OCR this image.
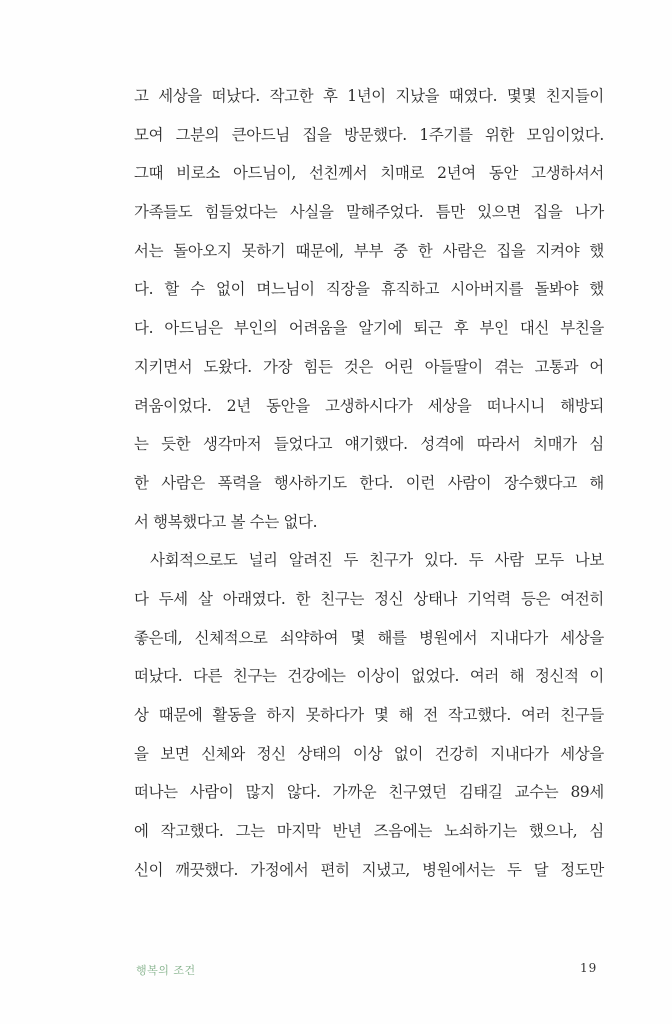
고 세상을 떠났다. 작고한 후 1년이 지났을 때였다. 몇몇 친지들이
모여 그분의 큰아드님 집을 방문했다. 1주기를 위한 모임이었다.
그때 비로소 아드님이, 선친께서 치매로 2년여 동안 고생하셔서
가족들도 힘들었다는 사실을 말해주었다. 틈만 있으면 집을 나가
서는 돌아오지 못하기 때문에, 부부 중 한 사람은 집을 지켜야 했
다. 할 수 없이 며느님이 직장을 휴직하고 시아버지를 돌봐야 했
다. 아드님은 부인의 어려움을 알기에 퇴근 후 부인 대신 부친을
지키면서 도왔다. 가장 힘든 것은 어린 아들딸이 겪는 고통과 어
려움이었다. 2년 동안을 고생하시다가 세상을 떠나시니 해방되
는 듯한 생각마저 들었다고 얘기했다. 성격에 따라서 치매가 심
한 사람은 폭력을 행사하기도 한다. 이런 사람이 장수했다고 해
서 행복했다고 볼 수는 없다.
사회적으로도 널리 알려진 두 친구가 있다. 두 사람 모두 나보
다 두세 살 아래였다. 한 친구는 정신 상태나 기억력 등은 여전히
좋은데, 신체적으로 쇠약하여 몇 해를 병원에서 지내다가 세상을
떠났다. 다른 친구는 건강에는 이상이 없었다. 여러 해 정신적 이
상 때문에 활동을 하지 못하다가 몇 해 전 작고했다. 여러 친구들
을 보면 신체와 정신 상태의 이상 없이 건강히 지내다가 세상을
떠나는 사람이 많지 않다. 가까운 친구였던 김태길 교수는 89세
에 작고했다. 그는 마지막 반년 즈음에는 노쇠하기는 했으나, 심
신이 깨끗했다. 가정에서 편히 지냈고, 병원에서는 두 달 정도만
행복의 조건	19
